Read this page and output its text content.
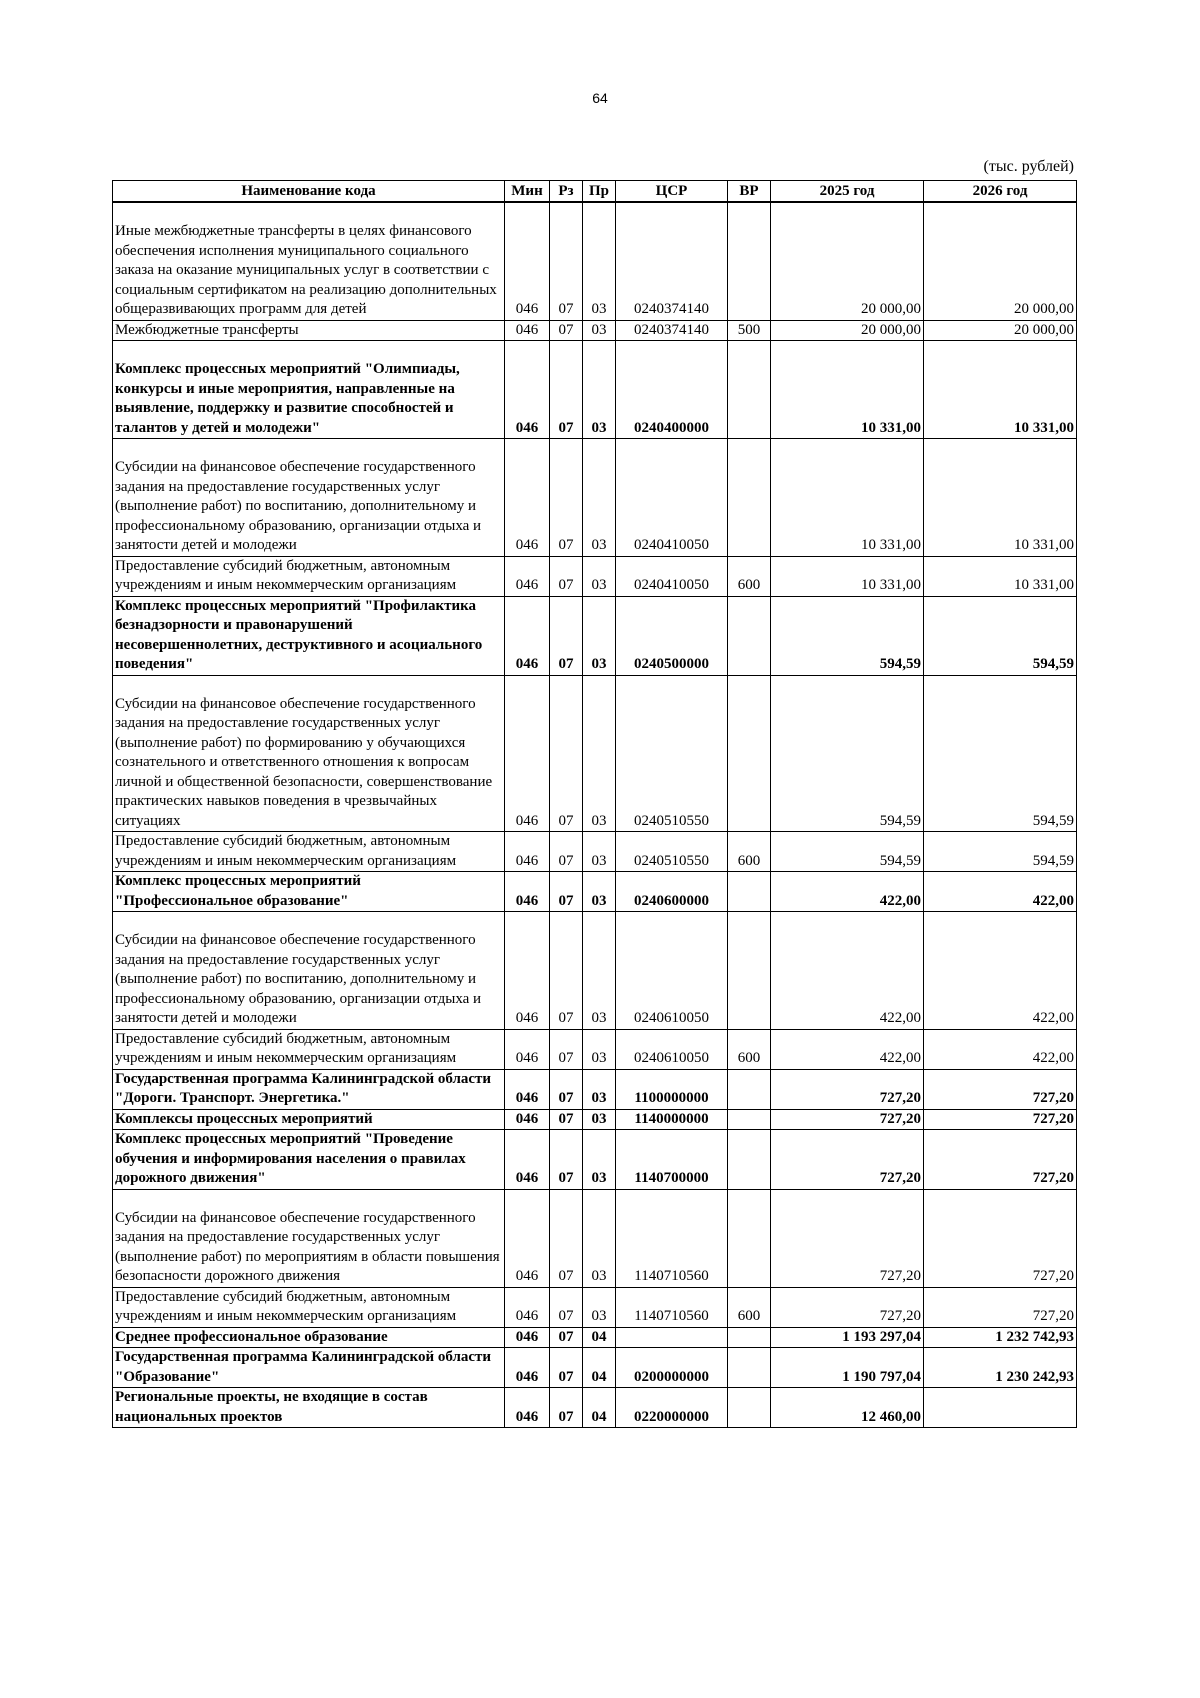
64
(тыс. рублей)
Наименование кода	Мин	Рз	Пр	ЦСР	ВР	2025 год	2026 год
Иные межбюджетные трансферты в целях финансового обеспечения исполнения муниципального социального заказа на оказание муниципальных услуг в соответствии с социальным сертификатом на реализацию дополнительных общеразвивающих программ для детей	046	07	03	0240374140		20 000,00	20 000,00
Межбюджетные трансферты	046	07	03	0240374140	500	20 000,00	20 000,00
Комплекс процессных мероприятий "Олимпиады, конкурсы и иные мероприятия, направленные на выявление, поддержку и развитие способностей и талантов у детей и молодежи"	046	07	03	0240400000		10 331,00	10 331,00
Субсидии на финансовое обеспечение государственного задания на предоставление государственных услуг (выполнение работ) по воспитанию, дополнительному и профессиональному образованию, организации отдыха и занятости детей и молодежи	046	07	03	0240410050		10 331,00	10 331,00
Предоставление субсидий бюджетным, автономным учреждениям и иным некоммерческим организациям	046	07	03	0240410050	600	10 331,00	10 331,00
Комплекс процессных мероприятий "Профилактика безнадзорности и правонарушений несовершеннолетних, деструктивного и асоциального поведения"	046	07	03	0240500000		594,59	594,59
Субсидии на финансовое обеспечение государственного задания на предоставление государственных услуг (выполнение работ) по формированию у обучающихся сознательного и ответственного отношения к вопросам личной и общественной безопасности, совершенствование практических навыков поведения в чрезвычайных ситуациях	046	07	03	0240510550		594,59	594,59
Предоставление субсидий бюджетным, автономным учреждениям и иным некоммерческим организациям	046	07	03	0240510550	600	594,59	594,59
Комплекс процессных мероприятий "Профессиональное образование"	046	07	03	0240600000		422,00	422,00
Субсидии на финансовое обеспечение государственного задания на предоставление государственных услуг (выполнение работ) по воспитанию, дополнительному и профессиональному образованию, организации отдыха и занятости детей и молодежи	046	07	03	0240610050		422,00	422,00
Предоставление субсидий бюджетным, автономным учреждениям и иным некоммерческим организациям	046	07	03	0240610050	600	422,00	422,00
Государственная программа Калининградской области "Дороги. Транспорт. Энергетика."	046	07	03	1100000000		727,20	727,20
Комплексы процессных мероприятий	046	07	03	1140000000		727,20	727,20
Комплекс процессных мероприятий "Проведение обучения и информирования населения о правилах дорожного движения"	046	07	03	1140700000		727,20	727,20
Субсидии на финансовое обеспечение государственного задания на предоставление государственных услуг (выполнение работ) по мероприятиям в области повышения безопасности дорожного движения	046	07	03	1140710560		727,20	727,20
Предоставление субсидий бюджетным, автономным учреждениям и иным некоммерческим организациям	046	07	03	1140710560	600	727,20	727,20
Среднее профессиональное образование	046	07	04			1 193 297,04	1 232 742,93
Государственная программа Калининградской области "Образование"	046	07	04	0200000000		1 190 797,04	1 230 242,93
Региональные проекты, не входящие в состав национальных проектов	046	07	04	0220000000		12 460,00	
